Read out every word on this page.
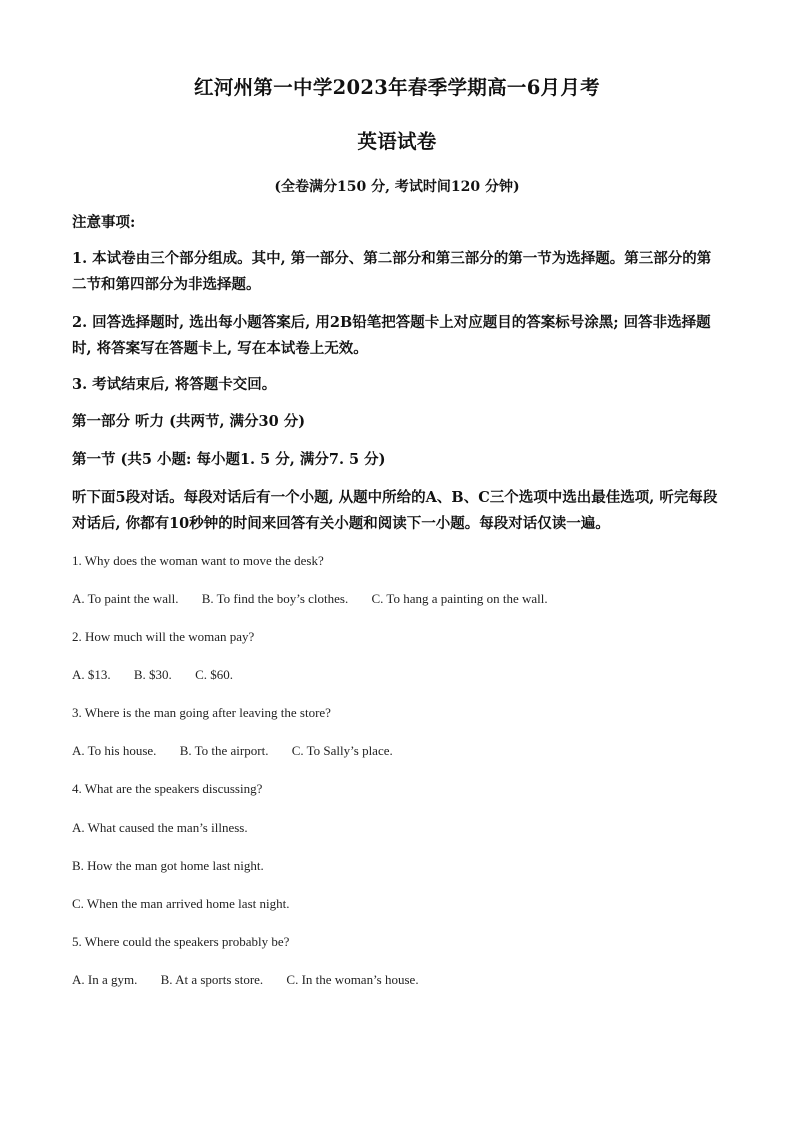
红河州第一中学2023年春季学期高一6月月考
英语试卷
(全卷满分150 分, 考试时间120 分钟)
注意事项:
1. 本试卷由三个部分组成。其中, 第一部分、第二部分和第三部分的第一节为选择题。第三部分的第二节和第四部分为非选择题。
2. 回答选择题时, 选出每小题答案后, 用2B铅笔把答题卡上对应题目的答案标号涂黑; 回答非选择题时, 将答案写在答题卡上, 写在本试卷上无效。
3. 考试结束后, 将答题卡交回。
第一部分 听力 (共两节, 满分30 分)
第一节 (共5 小题: 每小题1. 5 分, 满分7. 5 分)
听下面5段对话。每段对话后有一个小题, 从题中所给的A、B、C三个选项中选出最佳选项, 听完每段对话后, 你都有10秒钟的时间来回答有关小题和阅读下一小题。每段对话仅读一遍。
1. Why does the woman want to move the desk?
A. To paint the wall. B. To find the boy’s clothes. C. To hang a painting on the wall.
2. How much will the woman pay?
A. $13. B. $30. C. $60.
3. Where is the man going after leaving the store?
A. To his house. B. To the airport. C. To Sally’s place.
4. What are the speakers discussing?
A. What caused the man’s illness.
B. How the man got home last night.
C. When the man arrived home last night.
5. Where could the speakers probably be?
A. In a gym. B. At a sports store. C. In the woman’s house.
